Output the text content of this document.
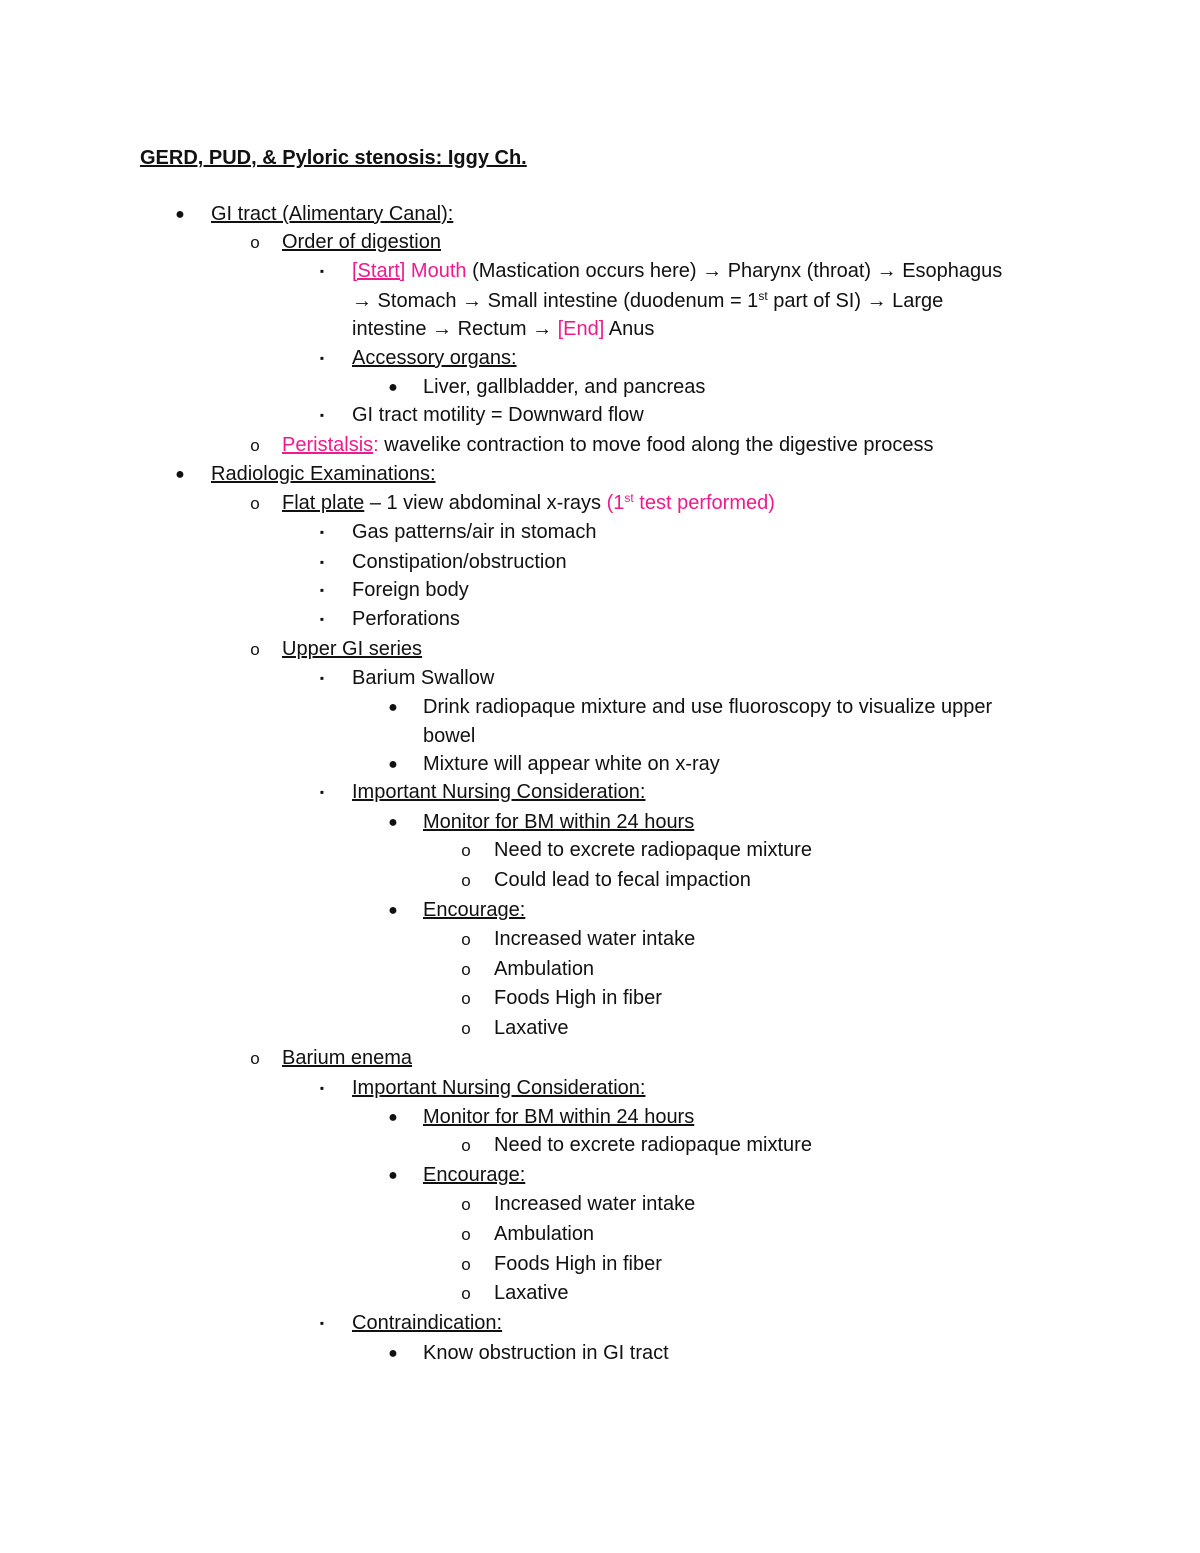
GERD, PUD, & Pyloric stenosis: Iggy Ch.
● GI tract (Alimentary Canal):
o Order of digestion
▪	[Start] Mouth (Mastication occurs here) → Pharynx (throat) → Esophagus
→ Stomach → Small intestine (duodenum = 1st part of SI) → Large
intestine → Rectum → [End] Anus
▪	Accessory organs:
● Liver, gallbladder, and pancreas
▪	GI tract motility = Downward flow
o Peristalsis: wavelike contraction to move food along the digestive process
● Radiologic Examinations:
o Flat plate – 1 view abdominal x-rays (1st test performed)
▪	Gas patterns/air in stomach
▪	Constipation/obstruction
▪	Foreign body
▪	Perforations
o Upper GI series
▪	Barium Swallow
● Drink radiopaque mixture and use fluoroscopy to visualize upper
bowel
● Mixture will appear white on x-ray
▪	Important Nursing Consideration:
● Monitor for BM within 24 hours
o Need to excrete radiopaque mixture
o Could lead to fecal impaction
● Encourage:
o Increased water intake
o Ambulation
o Foods High in fiber
o Laxative
o Barium enema
▪	Important Nursing Consideration:
● Monitor for BM within 24 hours
o Need to excrete radiopaque mixture
● Encourage:
o Increased water intake
o Ambulation
o Foods High in fiber
o Laxative
▪	Contraindication:
● Know obstruction in GI tract
